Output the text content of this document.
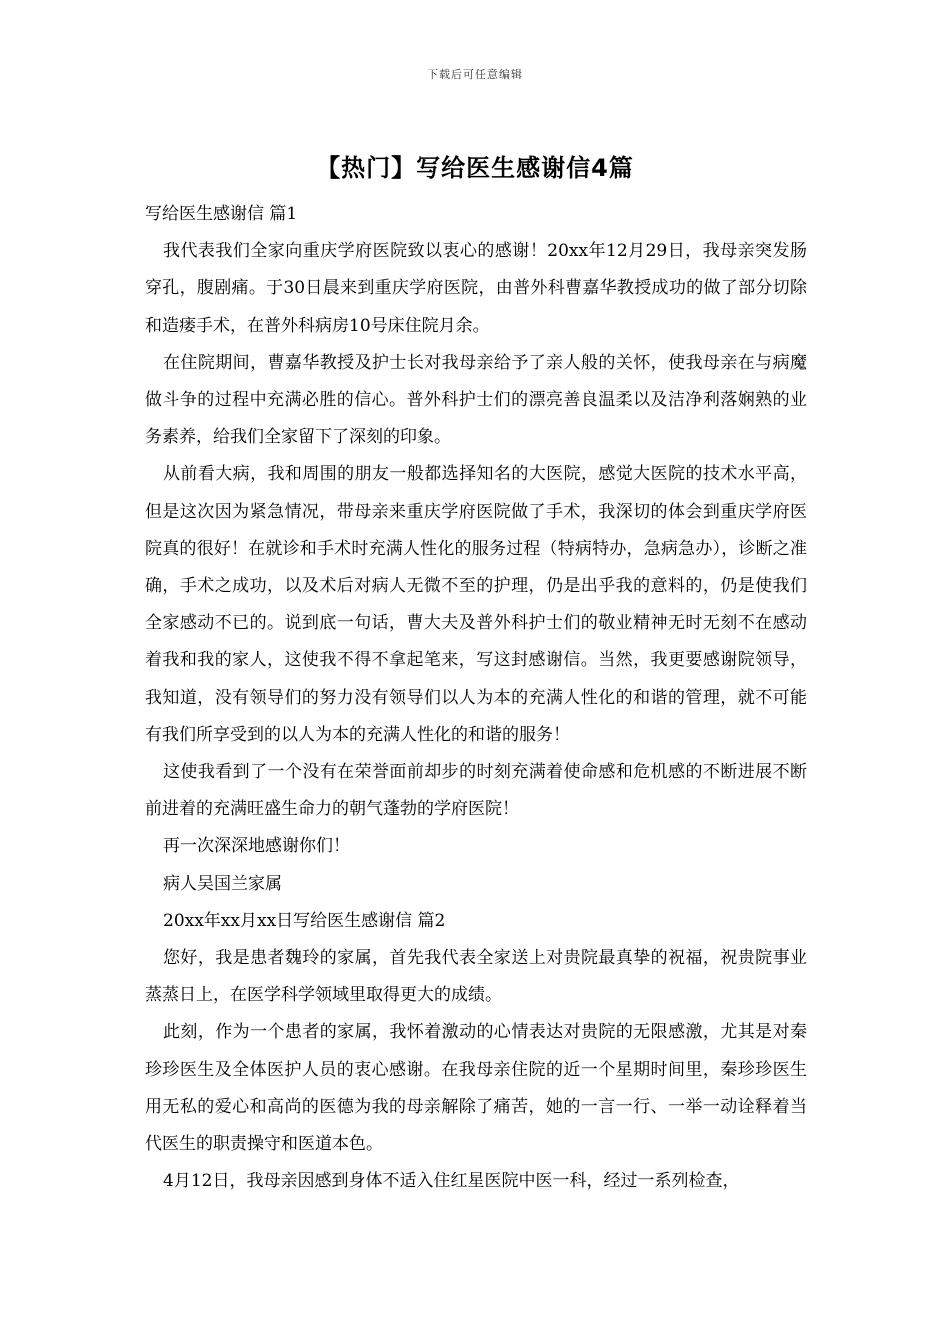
下载后可任意编辑
【热门】写给医生感谢信4篇

写给医生感谢信 篇1

我代表我们全家向重庆学府医院致以衷心的感谢！20xx年12月29日，我母亲突发肠穿孔，腹剧痛。于30日晨来到重庆学府医院，由普外科曹嘉华教授成功的做了部分切除和造瘘手术，在普外科病房10号床住院月余。

在住院期间，曹嘉华教授及护士长对我母亲给予了亲人般的关怀，使我母亲在与病魔做斗争的过程中充满必胜的信心。普外科护士们的漂亮善良温柔以及洁净利落娴熟的业务素养，给我们全家留下了深刻的印象。

从前看大病，我和周围的朋友一般都选择知名的大医院，感觉大医院的技术水平高，但是这次因为紧急情况，带母亲来重庆学府医院做了手术，我深切的体会到重庆学府医院真的很好！在就诊和手术时充满人性化的服务过程（特病特办，急病急办），诊断之准确，手术之成功，以及术后对病人无微不至的护理，仍是出乎我的意料的，仍是使我们全家感动不已的。说到底一句话，曹大夫及普外科护士们的敬业精神无时无刻不在感动着我和我的家人，这使我不得不拿起笔来，写这封感谢信。当然，我更要感谢院领导，我知道，没有领导们的努力没有领导们以人为本的充满人性化的和谐的管理，就不可能有我们所享受到的以人为本的充满人性化的和谐的服务！

这使我看到了一个没有在荣誉面前却步的时刻充满着使命感和危机感的不断进展不断前进着的充满旺盛生命力的朝气蓬勃的学府医院！

再一次深深地感谢你们！

病人吴国兰家属

20xx年xx月xx日写给医生感谢信 篇2

您好，我是患者魏玲的家属，首先我代表全家送上对贵院最真挚的祝福，祝贵院事业蒸蒸日上，在医学科学领域里取得更大的成绩。

此刻，作为一个患者的家属，我怀着激动的心情表达对贵院的无限感激，尤其是对秦珍珍医生及全体医护人员的衷心感谢。在我母亲住院的近一个星期时间里，秦珍珍医生用无私的爱心和高尚的医德为我的母亲解除了痛苦，她的一言一行、一举一动诠释着当代医生的职责操守和医道本色。

4月12日，我母亲因感到身体不适入住红星医院中医一科，经过一系列检查，
